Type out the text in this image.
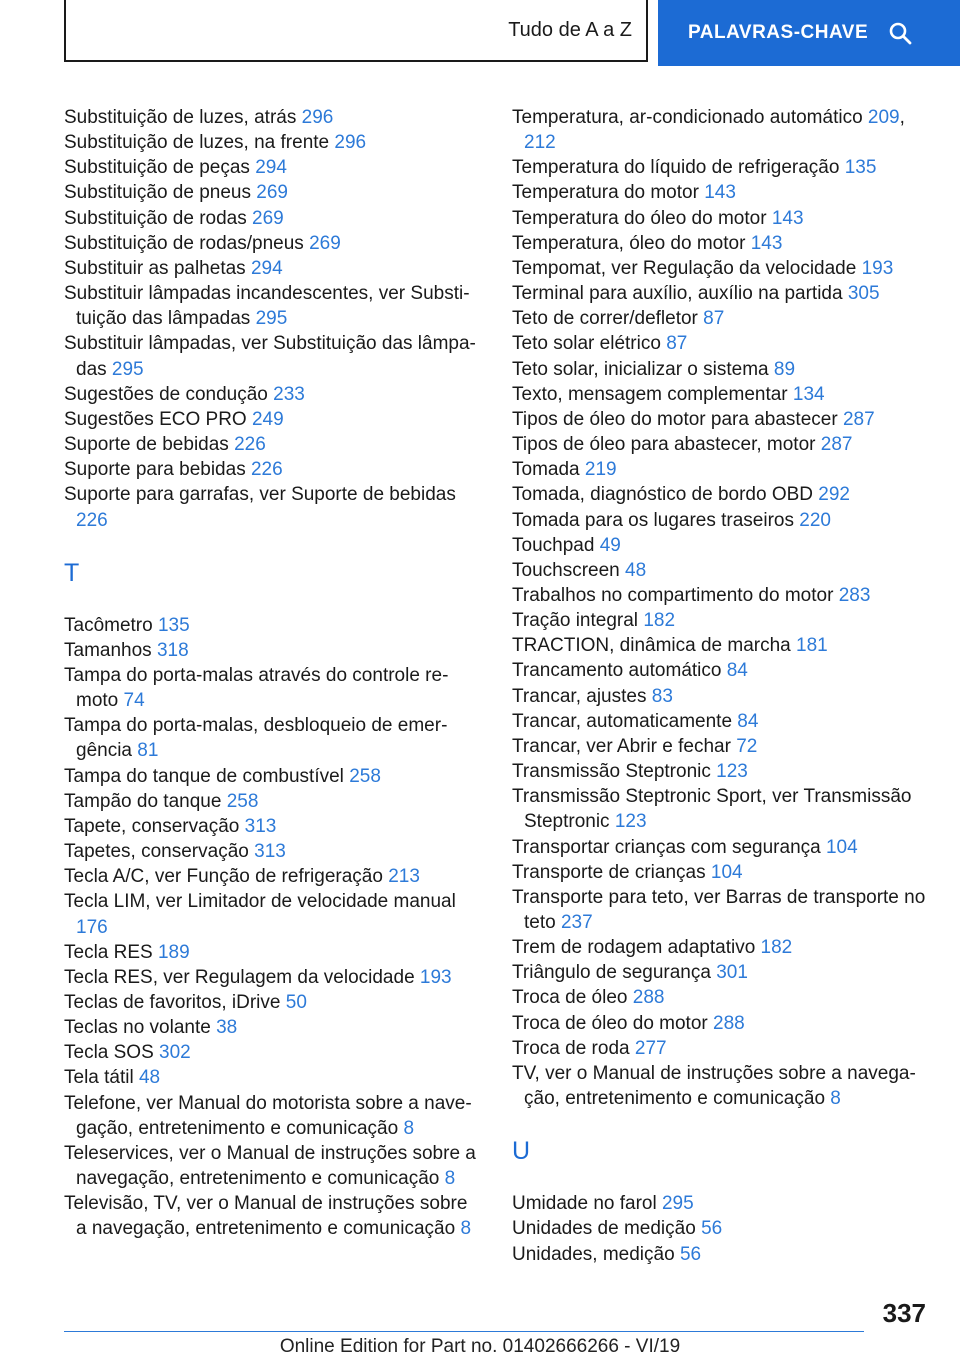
Tudo de A a Z	PALAVRAS-CHAVE
Substituição de luzes, atrás 296
Substituição de luzes, na frente 296
Substituição de peças 294
Substituição de pneus 269
Substituição de rodas 269
Substituição de rodas/pneus 269
Substituir as palhetas 294
Substituir lâmpadas incandescentes, ver Substituição das lâmpadas 295
Substituir lâmpadas, ver Substituição das lâmpadas 295
Sugestões de condução 233
Sugestões ECO PRO 249
Suporte de bebidas 226
Suporte para bebidas 226
Suporte para garrafas, ver Suporte de bebidas 226
T
Tacômetro 135
Tamanhos 318
Tampa do porta-malas através do controle remoto 74
Tampa do porta-malas, desbloqueio de emergência 81
Tampa do tanque de combustível 258
Tampão do tanque 258
Tapete, conservação 313
Tapetes, conservação 313
Tecla A/C, ver Função de refrigeração 213
Tecla LIM, ver Limitador de velocidade manual 176
Tecla RES 189
Tecla RES, ver Regulagem da velocidade 193
Teclas de favoritos, iDrive 50
Teclas no volante 38
Tecla SOS 302
Tela tátil 48
Telefone, ver Manual do motorista sobre a navegação, entretenimento e comunicação 8
Teleservices, ver o Manual de instruções sobre a navegação, entretenimento e comunicação 8
Televisão, TV, ver o Manual de instruções sobre a navegação, entretenimento e comunicação 8
Temperatura, ar-condicionado automático 209, 212
Temperatura do líquido de refrigeração 135
Temperatura do motor 143
Temperatura do óleo do motor 143
Temperatura, óleo do motor 143
Tempomat, ver Regulação da velocidade 193
Terminal para auxílio, auxílio na partida 305
Teto de correr/defletor 87
Teto solar elétrico 87
Teto solar, inicializar o sistema 89
Texto, mensagem complementar 134
Tipos de óleo do motor para abastecer 287
Tipos de óleo para abastecer, motor 287
Tomada 219
Tomada, diagnóstico de bordo OBD 292
Tomada para os lugares traseiros 220
Touchpad 49
Touchscreen 48
Trabalhos no compartimento do motor 283
Tração integral 182
TRACTION, dinâmica de marcha 181
Trancamento automático 84
Trancar, ajustes 83
Trancar, automaticamente 84
Trancar, ver Abrir e fechar 72
Transmissão Steptronic 123
Transmissão Steptronic Sport, ver Transmissão Steptronic 123
Transportar crianças com segurança 104
Transporte de crianças 104
Transporte para teto, ver Barras de transporte no teto 237
Trem de rodagem adaptativo 182
Triângulo de segurança 301
Troca de óleo 288
Troca de óleo do motor 288
Troca de roda 277
TV, ver o Manual de instruções sobre a navegação, entretenimento e comunicação 8
U
Umidade no farol 295
Unidades de medição 56
Unidades, medição 56
337
Online Edition for Part no. 01402666266 - VI/19
